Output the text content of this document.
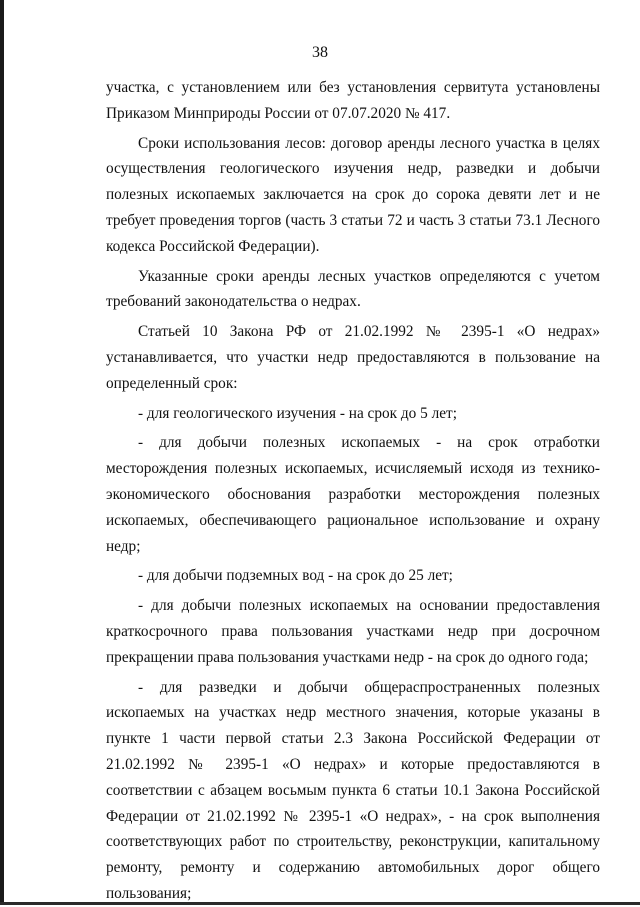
38

участка, с установлением или без установления сервитута установлены Приказом Минприроды России от 07.07.2020 № 417.

Сроки использования лесов: договор аренды лесного участка в целях осуществления геологического изучения недр, разведки и добычи полезных ископаемых заключается на срок до сорока девяти лет и не требует проведения торгов (часть 3 статьи 72 и часть 3 статьи 73.1 Лесного кодекса Российской Федерации).

Указанные сроки аренды лесных участков определяются с учетом требований законодательства о недрах.

Статьей 10 Закона РФ от 21.02.1992 № 2395-1 «О недрах» устанавливается, что участки недр предоставляются в пользование на определенный срок:

- для геологического изучения - на срок до 5 лет;

- для добычи полезных ископаемых - на срок отработки месторождения полезных ископаемых, исчисляемый исходя из технико-экономического обоснования разработки месторождения полезных ископаемых, обеспечивающего рациональное использование и охрану недр;

- для добычи подземных вод - на срок до 25 лет;

- для добычи полезных ископаемых на основании предоставления краткосрочного права пользования участками недр при досрочном прекращении права пользования участками недр - на срок до одного года;

- для разведки и добычи общераспространенных полезных ископаемых на участках недр местного значения, которые указаны в пункте 1 части первой статьи 2.3 Закона Российской Федерации от 21.02.1992 № 2395-1 «О недрах» и которые предоставляются в соответствии с абзацем восьмым пункта 6 статьи 10.1 Закона Российской Федерации от 21.02.1992 № 2395-1 «О недрах», - на срок выполнения соответствующих работ по строительству, реконструкции, капитальному ремонту, ремонту и содержанию автомобильных дорог общего пользования;
